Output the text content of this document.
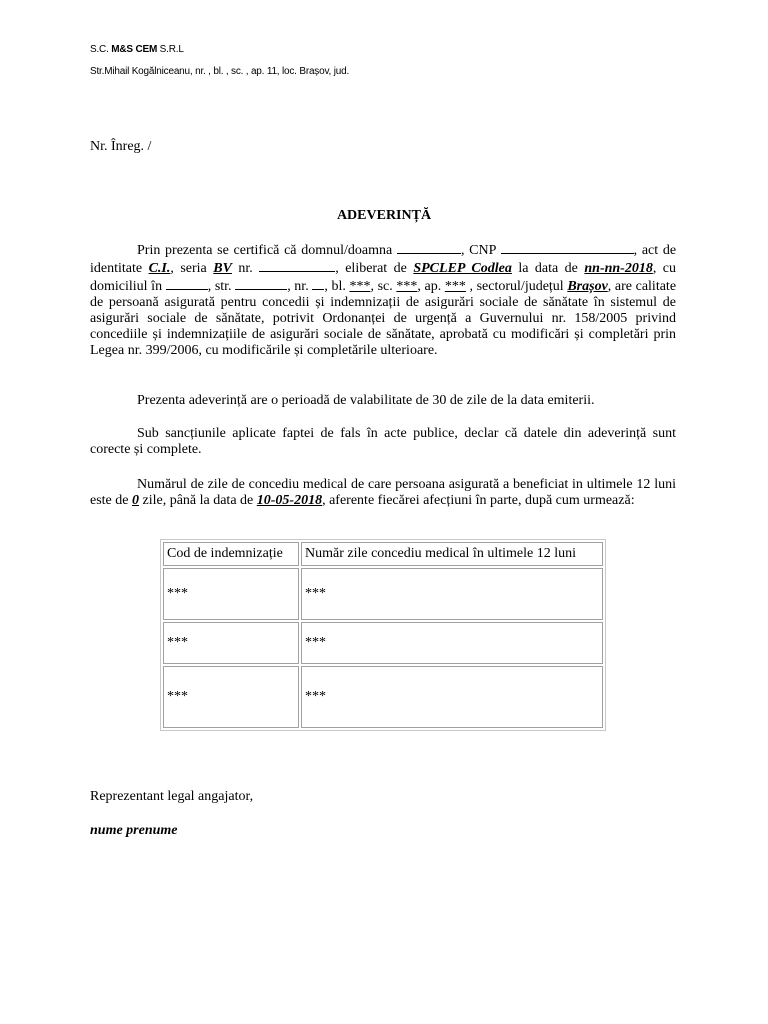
S.C. M&S CEM S.R.L
Str.Mihail Kogălniceanu, nr. , bl. , sc. , ap. 11, loc. Brașov, jud.
Nr. Înreg. /
ADEVERINȚĂ
Prin prezenta se certifică că domnul/doamna	, CNP	, act de identitate C.I., seria BV nr.	, eliberat de SPCLEP Codlea la data de nn-nn-2018, cu domiciliul în	, str.	, nr. , bl. ***, sc. ***, ap. *** , sectorul/județul Brașov, are calitate de persoană asigurată pentru concedii și indemnizații de asigurări sociale de sănătate în sistemul de asigurări sociale de sănătate, potrivit Ordonanței de urgență a Guvernului nr. 158/2005 privind concediile și indemnizațiile de asigurări sociale de sănătate, aprobată cu modificări și completări prin Legea nr. 399/2006, cu modificările și completările ulterioare.
Prezenta adeverință are o perioadă de valabilitate de 30 de zile de la data emiterii.
Sub sancțiunile aplicate faptei de fals în acte publice, declar că datele din adeverință sunt corecte și complete.
Numărul de zile de concediu medical de care persoana asigurată a beneficiat in ultimele 12 luni este de 0 zile, până la data de 10-05-2018, aferente fiecărei afecțiuni în parte, după cum urmează:
Cod de indemnizație	Număr zile concediu medical în ultimele 12 luni
***	***
***	***
***	***
Reprezentant legal angajator,
nume prenume
